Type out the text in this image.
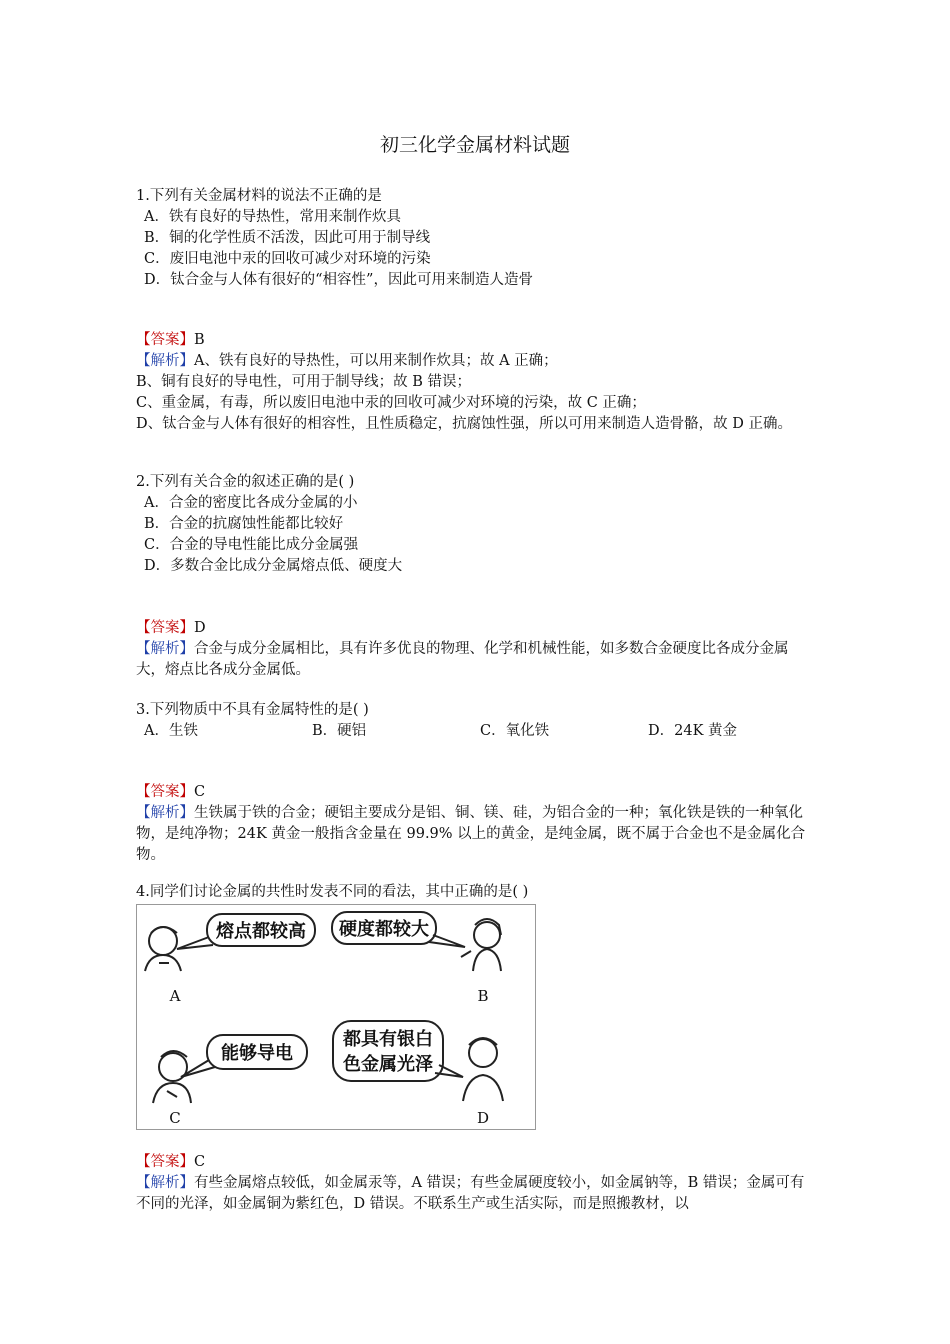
初三化学金属材料试题
1.下列有关金属材料的说法不正确的是
A．铁有良好的导热性，常用来制作炊具
B．铜的化学性质不活泼，因此可用于制导线
C．废旧电池中汞的回收可减少对环境的污染
D．钛合金与人体有很好的“相容性”，因此可用来制造人造骨
【答案】B
【解析】A、铁有良好的导热性，可以用来制作炊具；故 A 正确；
B、铜有良好的导电性，可用于制导线；故 B 错误；
C、重金属，有毒，所以废旧电池中汞的回收可减少对环境的污染，故 C 正确；
D、钛合金与人体有很好的相容性，且性质稳定，抗腐蚀性强，所以可用来制造人造骨骼，故 D 正确。
2.下列有关合金的叙述正确的是( )
A．合金的密度比各成分金属的小
B．合金的抗腐蚀性能都比较好
C．合金的导电性能比成分金属强
D．多数合金比成分金属熔点低、硬度大
【答案】D
【解析】合金与成分金属相比，具有许多优良的物理、化学和机械性能，如多数合金硬度比各成分金属大，熔点比各成分金属低。
3.下列物质中不具有金属特性的是( )
A．生铁	B．硬铝	C．氧化铁	D．24K 黄金
【答案】C
【解析】生铁属于铁的合金；硬铝主要成分是铝、铜、镁、硅，为铝合金的一种；氧化铁是铁的一种氧化物，是纯净物；24K 黄金一般指含金量在 99.9% 以上的黄金，是纯金属，既不属于合金也不是金属化合物。
4.同学们讨论金属的共性时发表不同的看法，其中正确的是( )
熔点都较高 硬度都较大
能够导电
都具有银白
色金属光泽
A	B
C	D
【答案】C
【解析】有些金属熔点较低，如金属汞等，A 错误；有些金属硬度较小，如金属钠等，B 错误；金属可有不同的光泽，如金属铜为紫红色，D 错误。不联系生产或生活实际，而是照搬教材，以
